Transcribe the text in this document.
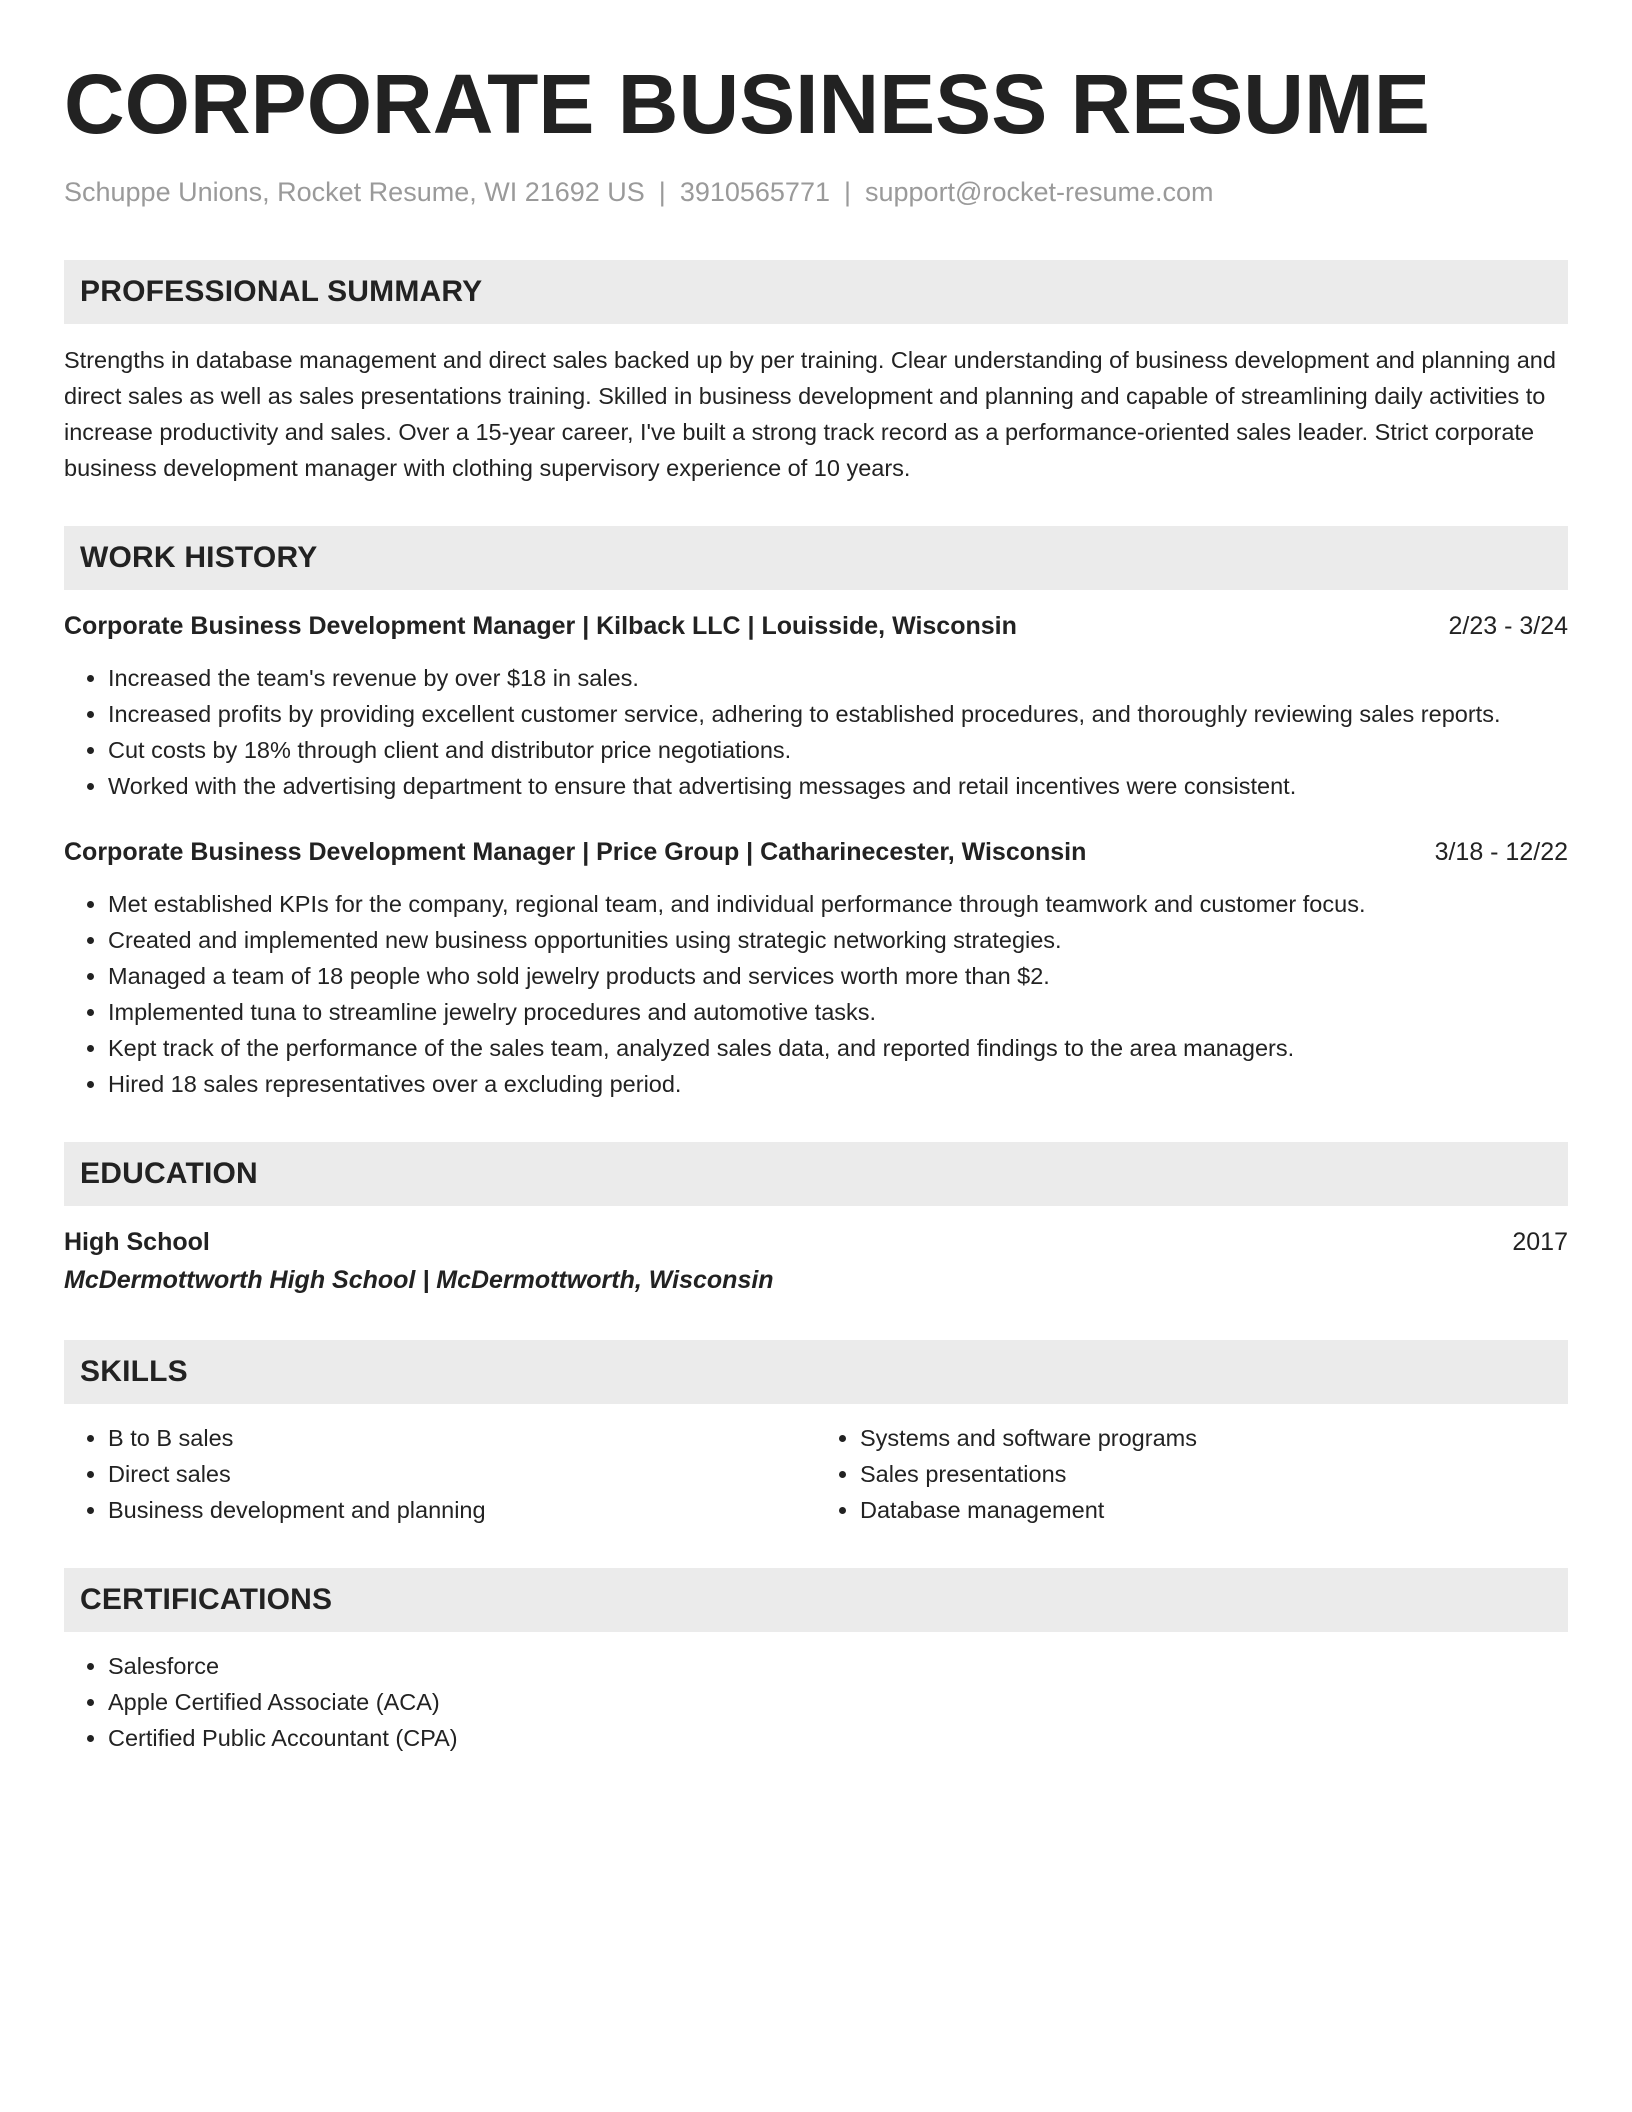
CORPORATE BUSINESS RESUME
Schuppe Unions, Rocket Resume, WI 21692 US | 3910565771 | support@rocket-resume.com
PROFESSIONAL SUMMARY
Strengths in database management and direct sales backed up by per training. Clear understanding of business development and planning and direct sales as well as sales presentations training. Skilled in business development and planning and capable of streamlining daily activities to increase productivity and sales. Over a 15-year career, I've built a strong track record as a performance-oriented sales leader. Strict corporate business development manager with clothing supervisory experience of 10 years.
WORK HISTORY
Corporate Business Development Manager | Kilback LLC | Louisside, Wisconsin	2/23 - 3/24
• Increased the team's revenue by over $18 in sales.
• Increased profits by providing excellent customer service, adhering to established procedures, and thoroughly reviewing sales reports.
• Cut costs by 18% through client and distributor price negotiations.
• Worked with the advertising department to ensure that advertising messages and retail incentives were consistent.
Corporate Business Development Manager | Price Group | Catharinecester, Wisconsin	3/18 - 12/22
• Met established KPIs for the company, regional team, and individual performance through teamwork and customer focus.
• Created and implemented new business opportunities using strategic networking strategies.
• Managed a team of 18 people who sold jewelry products and services worth more than $2.
• Implemented tuna to streamline jewelry procedures and automotive tasks.
• Kept track of the performance of the sales team, analyzed sales data, and reported findings to the area managers.
• Hired 18 sales representatives over a excluding period.
EDUCATION
High School	2017
McDermottworth High School | McDermottworth, Wisconsin
SKILLS
• B to B sales
• Direct sales
• Business development and planning
• Systems and software programs
• Sales presentations
• Database management
CERTIFICATIONS
• Salesforce
• Apple Certified Associate (ACA)
• Certified Public Accountant (CPA)
